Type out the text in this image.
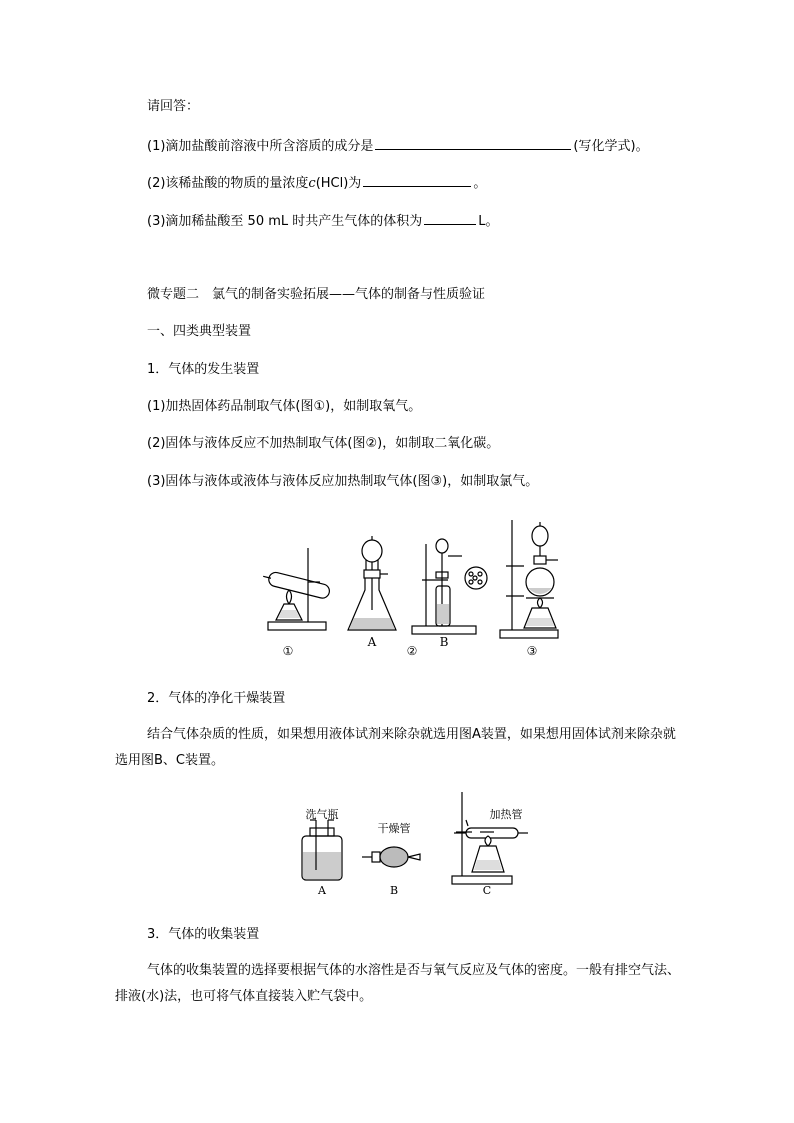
请回答：
(1)滴加盐酸前溶液中所含溶质的成分是	(写化学式)。
(2)该稀盐酸的物质的量浓度c(HCl)为	。
(3)滴加稀盐酸至 50 mL 时共产生气体的体积为	L。
微专题二　氯气的制备实验拓展——气体的制备与性质验证
一、四类典型装置
1．气体的发生装置
(1)加热固体药品制取气体(图①)，如制取氧气。
(2)固体与液体反应不加热制取气体(图②)，如制取二氧化碳。
(3)固体与液体或液体与液体反应加热制取气体(图③)，如制取氯气。
①
A
②
B
③
2．气体的净化干燥装置
结合气体杂质的性质，如果想用液体试剂来除杂就选用图A装置，如果想用固体试剂来除杂就选用图B、C装置。
洗气瓶
干燥管
加热管
A	B	C
3．气体的收集装置
气体的收集装置的选择要根据气体的水溶性是否与氧气反应及气体的密度。一般有排空气法、排液(水)法，也可将气体直接装入贮气袋中。
